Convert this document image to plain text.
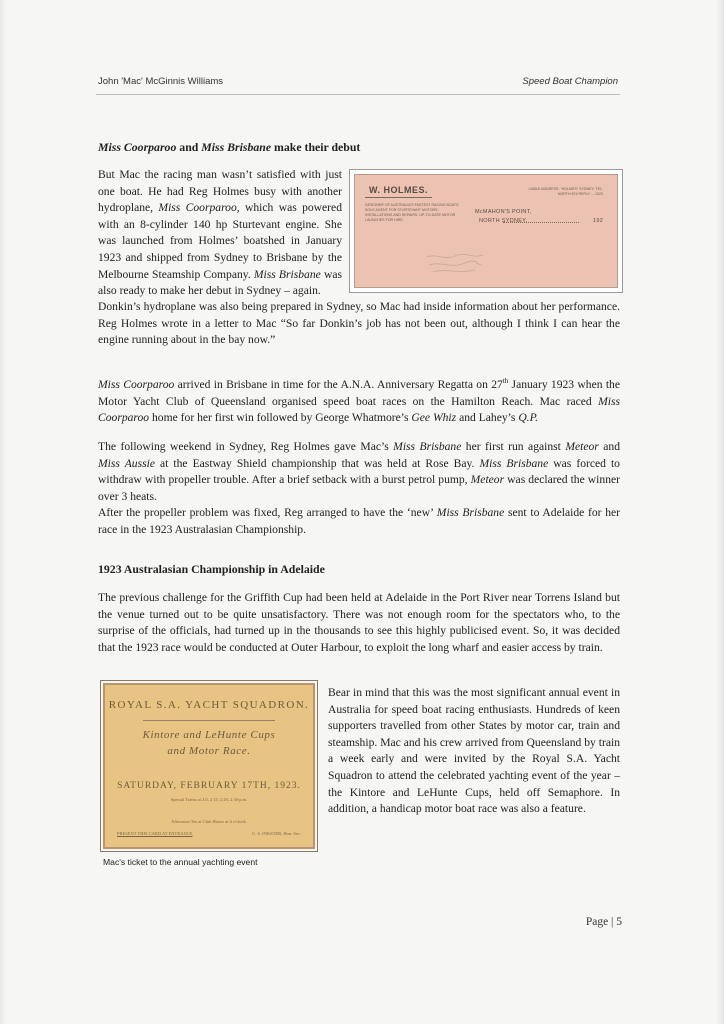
John 'Mac' McGinnis Williams	Speed Boat Champion
Miss Coorparoo and Miss Brisbane make their debut
But Mac the racing man wasn’t satisfied with just one boat. He had Reg Holmes busy with another hydroplane, Miss Coorparoo, which was powered with an 8-cylinder 140 hp Sturtevant engine. She was launched from Holmes’ boatshed in January 1923 and shipped from Sydney to Brisbane by the Melbourne Steamship Company. Miss Brisbane was also ready to make her debut in Sydney – again.
W. HOLMES.
DESIGNER OF AUSTRALIA'S FASTEST RACING BOATS. SOLE AGENT FOR STURTEVANT MOTORS. INSTALLATIONS AND REPAIRS. UP-TO-DATE MOTOR LAUNCHES FOR HIRE.
CABLE ADDRESS: "HOLMES" SYDNEY. TEL. NORTH 874 REPLY ... 1923
McMAHON'S POINT,
NORTH SYDNEY,	192
Donkin’s hydroplane was also being prepared in Sydney, so Mac had inside information about her performance. Reg Holmes wrote in a letter to Mac “So far Donkin’s job has not been out, although I think I can hear the engine running about in the bay now.”
Miss Coorparoo arrived in Brisbane in time for the A.N.A. Anniversary Regatta on 27th January 1923 when the Motor Yacht Club of Queensland organised speed boat races on the Hamilton Reach. Mac raced Miss Coorparoo home for her first win followed by George Whatmore’s Gee Whiz and Lahey’s Q.P.
The following weekend in Sydney, Reg Holmes gave Mac’s Miss Brisbane her first run against Meteor and Miss Aussie at the Eastway Shield championship that was held at Rose Bay. Miss Brisbane was forced to withdraw with propeller trouble. After a brief setback with a burst petrol pump, Meteor was declared the winner over 3 heats.
After the propeller problem was fixed, Reg arranged to have the ‘new’ Miss Brisbane sent to Adelaide for her race in the 1923 Australasian Championship.
1923 Australasian Championship in Adelaide
The previous challenge for the Griffith Cup had been held at Adelaide in the Port River near Torrens Island but the venue turned out to be quite unsatisfactory. There was not enough room for the spectators who, to the surprise of the officials, had turned up in the thousands to see this highly publicised event. So, it was decided that the 1923 race would be conducted at Outer Harbour, to exploit the long wharf and easier access by train.
ROYAL S.A. YACHT SQUADRON.
Kintore and LeHunte Cups
and Motor Race.
SATURDAY, FEBRUARY 17TH, 1923.
Special Trains at 2.0, 2.15, 2.20, 2.30 p.m.
Afternoon Tea at Club House at 4 o'clock.
PRESENT THIS CARD AT ENTRANCE	C. S. INKSTER, Hon. Sec.
Mac's ticket to the annual yachting event
Bear in mind that this was the most significant annual event in Australia for speed boat racing enthusiasts. Hundreds of keen supporters travelled from other States by motor car, train and steamship. Mac and his crew arrived from Queensland by train a week early and were invited by the Royal S.A. Yacht Squadron to attend the celebrated yachting event of the year – the Kintore and LeHunte Cups, held off Semaphore. In addition, a handicap motor boat race was also a feature.
Page | 5
